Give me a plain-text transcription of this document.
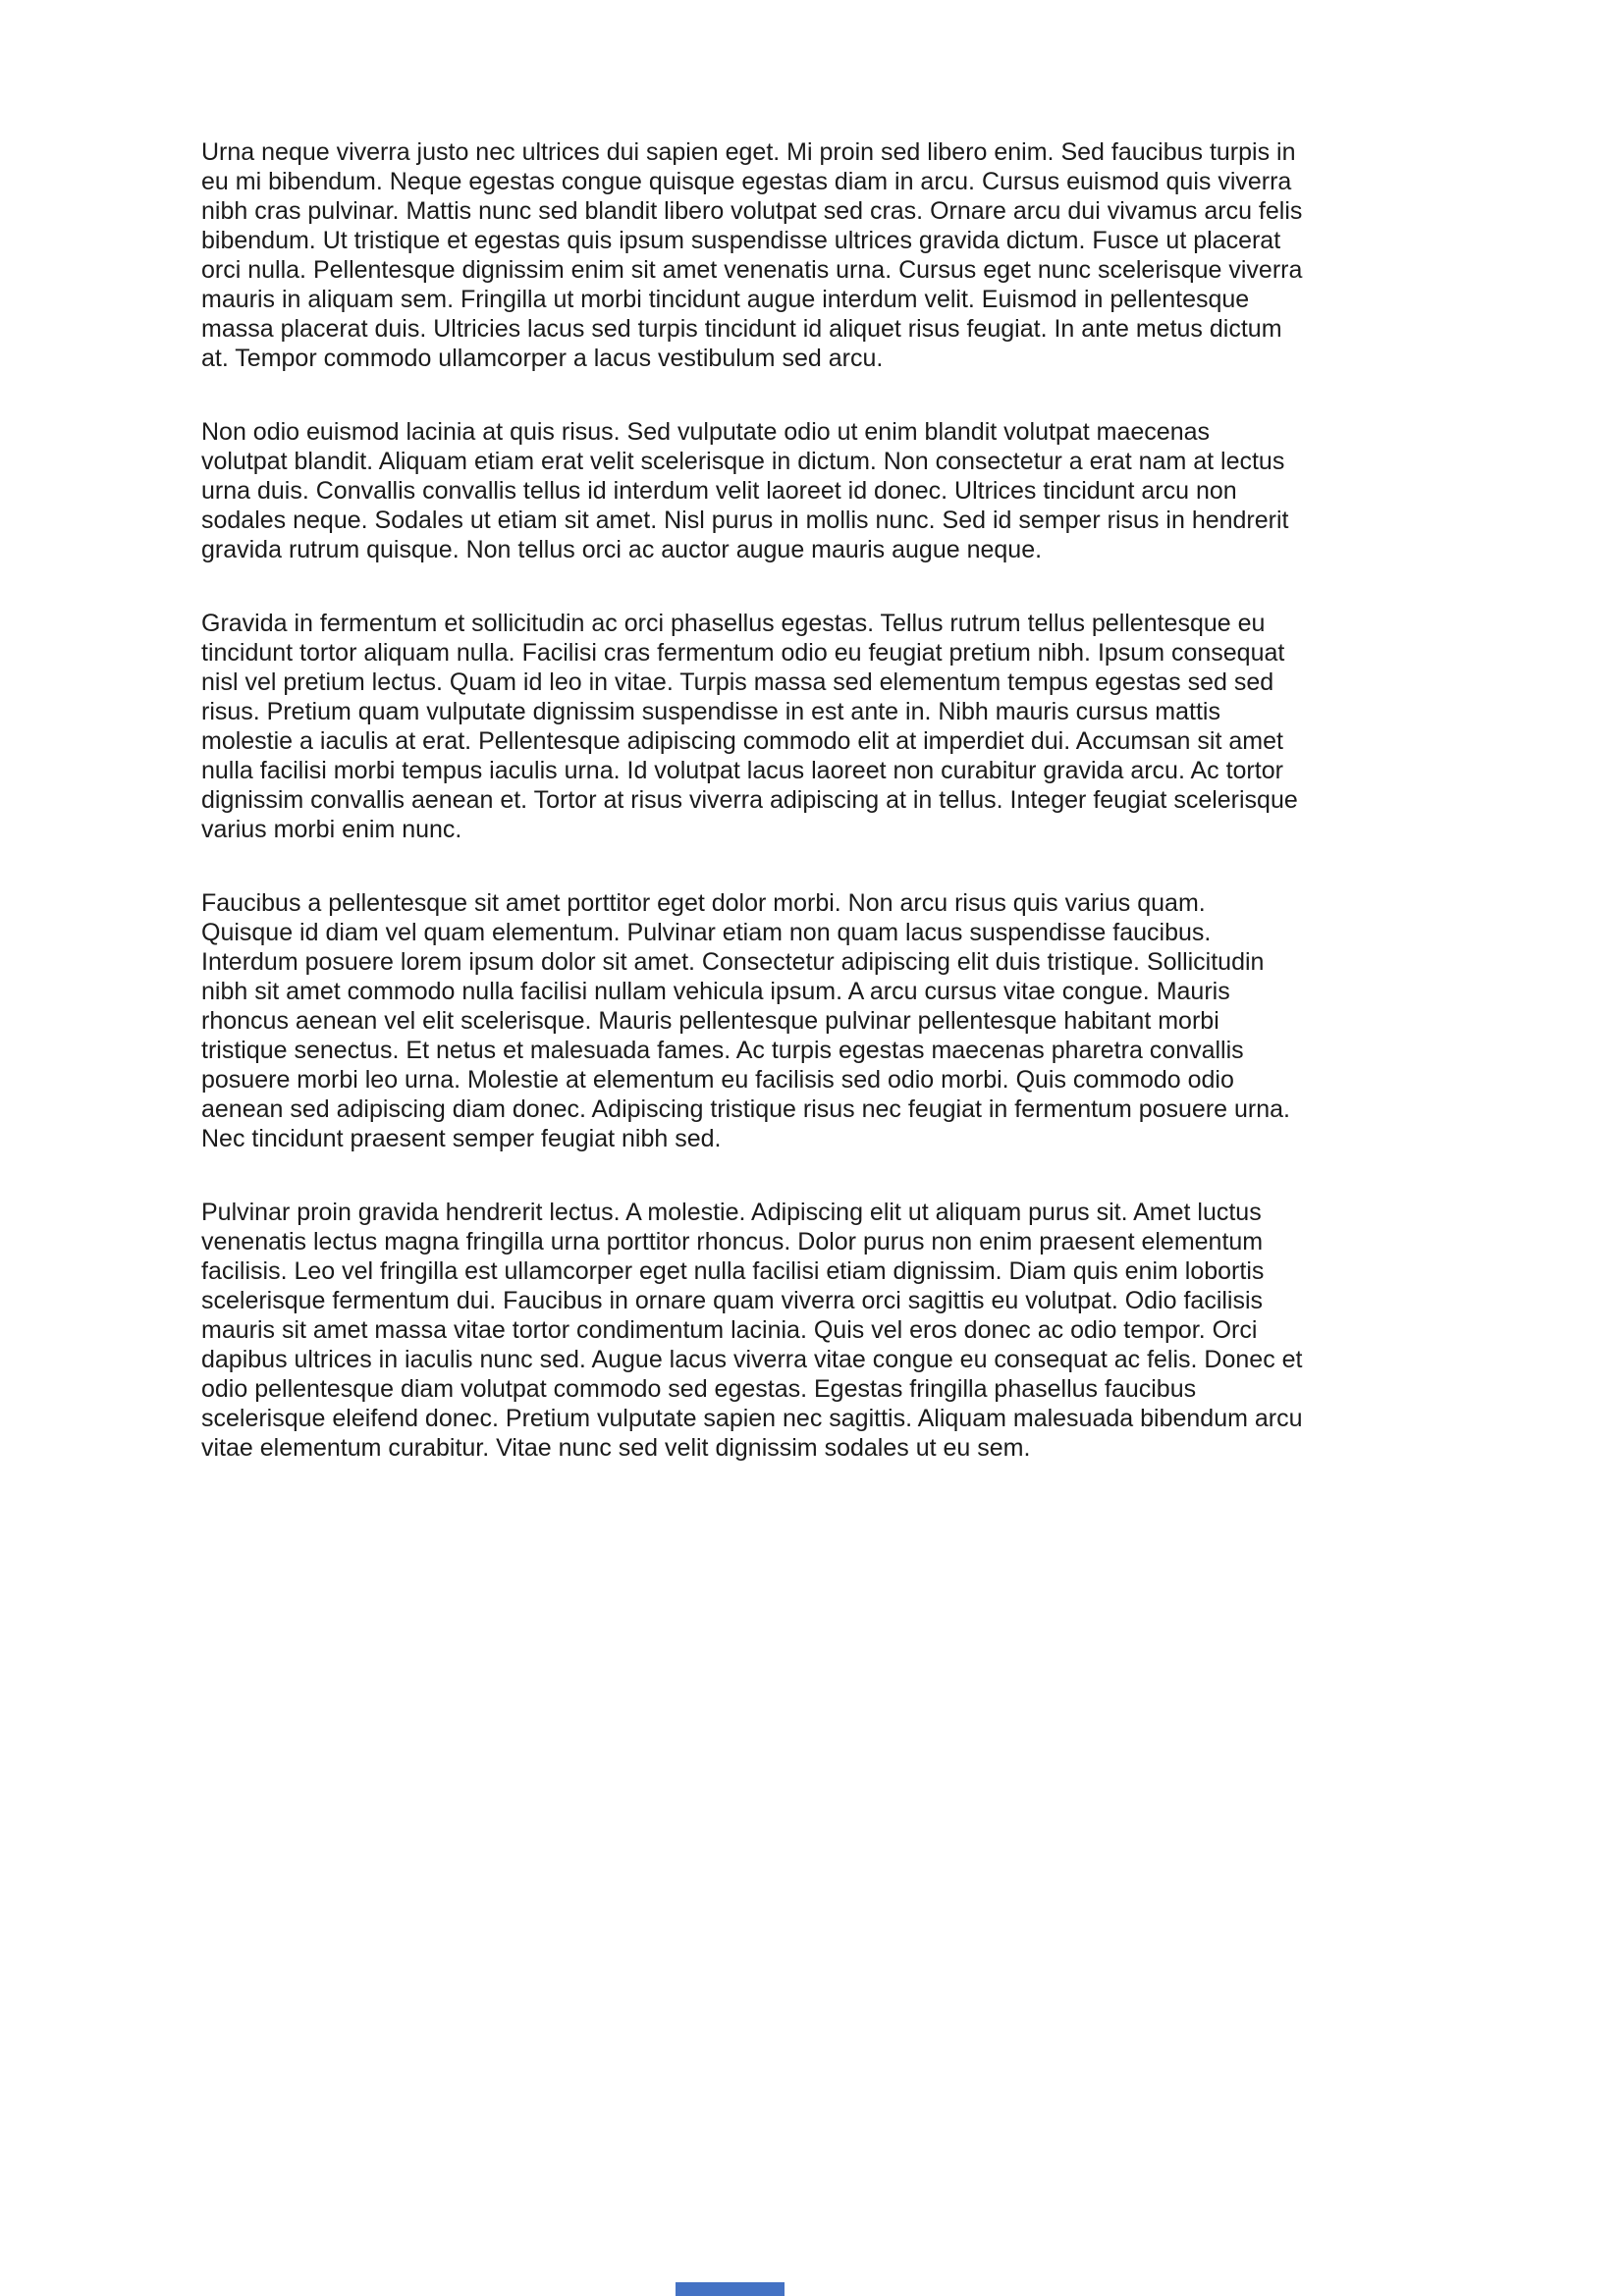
Urna neque viverra justo nec ultrices dui sapien eget. Mi proin sed libero enim. Sed faucibus turpis in
eu mi bibendum. Neque egestas congue quisque egestas diam in arcu. Cursus euismod quis viverra
nibh cras pulvinar. Mattis nunc sed blandit libero volutpat sed cras. Ornare arcu dui vivamus arcu felis
bibendum. Ut tristique et egestas quis ipsum suspendisse ultrices gravida dictum. Fusce ut placerat
orci nulla. Pellentesque dignissim enim sit amet venenatis urna. Cursus eget nunc scelerisque viverra
mauris in aliquam sem. Fringilla ut morbi tincidunt augue interdum velit. Euismod in pellentesque
massa placerat duis. Ultricies lacus sed turpis tincidunt id aliquet risus feugiat. In ante metus dictum
at. Tempor commodo ullamcorper a lacus vestibulum sed arcu.
Non odio euismod lacinia at quis risus. Sed vulputate odio ut enim blandit volutpat maecenas
volutpat blandit. Aliquam etiam erat velit scelerisque in dictum. Non consectetur a erat nam at lectus
urna duis. Convallis convallis tellus id interdum velit laoreet id donec. Ultrices tincidunt arcu non
sodales neque. Sodales ut etiam sit amet. Nisl purus in mollis nunc. Sed id semper risus in hendrerit
gravida rutrum quisque. Non tellus orci ac auctor augue mauris augue neque.
Gravida in fermentum et sollicitudin ac orci phasellus egestas. Tellus rutrum tellus pellentesque eu
tincidunt tortor aliquam nulla. Facilisi cras fermentum odio eu feugiat pretium nibh. Ipsum consequat
nisl vel pretium lectus. Quam id leo in vitae. Turpis massa sed elementum tempus egestas sed sed
risus. Pretium quam vulputate dignissim suspendisse in est ante in. Nibh mauris cursus mattis
molestie a iaculis at erat. Pellentesque adipiscing commodo elit at imperdiet dui. Accumsan sit amet
nulla facilisi morbi tempus iaculis urna. Id volutpat lacus laoreet non curabitur gravida arcu. Ac tortor
dignissim convallis aenean et. Tortor at risus viverra adipiscing at in tellus. Integer feugiat scelerisque
varius morbi enim nunc.
Faucibus a pellentesque sit amet porttitor eget dolor morbi. Non arcu risus quis varius quam.
Quisque id diam vel quam elementum. Pulvinar etiam non quam lacus suspendisse faucibus.
Interdum posuere lorem ipsum dolor sit amet. Consectetur adipiscing elit duis tristique. Sollicitudin
nibh sit amet commodo nulla facilisi nullam vehicula ipsum. A arcu cursus vitae congue. Mauris
rhoncus aenean vel elit scelerisque. Mauris pellentesque pulvinar pellentesque habitant morbi
tristique senectus. Et netus et malesuada fames. Ac turpis egestas maecenas pharetra convallis
posuere morbi leo urna. Molestie at elementum eu facilisis sed odio morbi. Quis commodo odio
aenean sed adipiscing diam donec. Adipiscing tristique risus nec feugiat in fermentum posuere urna.
Nec tincidunt praesent semper feugiat nibh sed.
Pulvinar proin gravida hendrerit lectus. A molestie. Adipiscing elit ut aliquam purus sit. Amet luctus
venenatis lectus magna fringilla urna porttitor rhoncus. Dolor purus non enim praesent elementum
facilisis. Leo vel fringilla est ullamcorper eget nulla facilisi etiam dignissim. Diam quis enim lobortis
scelerisque fermentum dui. Faucibus in ornare quam viverra orci sagittis eu volutpat. Odio facilisis
mauris sit amet massa vitae tortor condimentum lacinia. Quis vel eros donec ac odio tempor. Orci
dapibus ultrices in iaculis nunc sed. Augue lacus viverra vitae congue eu consequat ac felis. Donec et
odio pellentesque diam volutpat commodo sed egestas. Egestas fringilla phasellus faucibus
scelerisque eleifend donec. Pretium vulputate sapien nec sagittis. Aliquam malesuada bibendum arcu
vitae elementum curabitur. Vitae nunc sed velit dignissim sodales ut eu sem.
